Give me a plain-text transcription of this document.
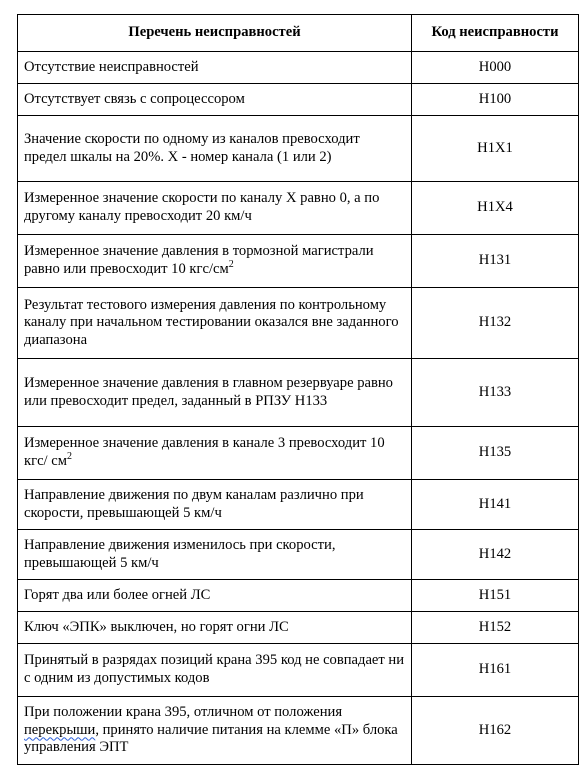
Перечень неисправностей	Код неисправности
Отсутствие неисправностей	H000
Отсутствует связь с сопроцессором	H100
Значение скорости по одному из каналов превосходит предел шкалы на 20%. X - номер канала (1 или 2)	H1X1
Измеренное значение скорости по каналу X равно 0, а по другому каналу превосходит 20 км/ч	H1X4
Измеренное значение давления в тормозной магистрали равно или превосходит 10 кгс/$см^2$	H131
Результат тестового измерения давления по контрольному каналу при начальном тестировании оказался вне заданного диапазона	H132
Измеренное значение давления в главном резервуаре равно или превосходит предел, заданный в РПЗУ H133	H133
Измеренное значение давления в канале 3 превосходит 10 кгс/ $см^2$	H135
Направление движения по двум каналам различно при скорости, превышающей 5 км/ч	H141
Направление движения изменилось при скорости, превышающей 5 км/ч	H142
Горят два или более огней ЛС	H151
Ключ «ЭПК» выключен, но горят огни ЛС	H152
Принятый в разрядах позиций крана 395 код не совпадает ни с одним из допустимых кодов	H161
При положении крана 395, отличном от положения перекрыши, принято наличие питания на клемме «П» блока управления ЭПТ	H162
